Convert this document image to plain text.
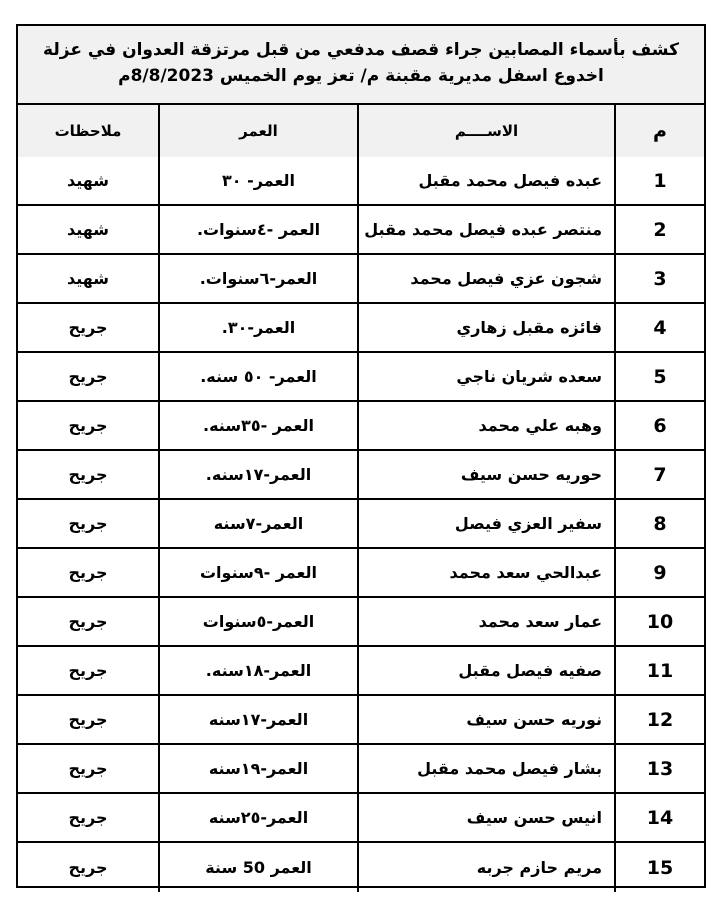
كشف بأسماء المصابين جراء قصف مدفعي من قبل مرتزقة العدوان في عزلة
اخدوع اسفل مديرية مقبنة م/ تعز يوم الخميس 8/8/2023م
ملاحظات	العمر	الاســــم	م
شهيد	العمر- ٣٠	عبده فيصل محمد مقبل	1
شهيد	العمر -٤سنوات.	منتصر عبده فيصل محمد مقبل	2
شهيد	العمر-٦سنوات.	شجون عزي فيصل محمد	3
جريح	العمر-٣٠.	فائزه مقبل زهاري	4
جريح	العمر- ٥٠ سنه.	سعده شريان ناجي	5
جريح	العمر -٣٥سنه.	وهبه علي محمد	6
جريح	العمر-١٧سنه.	حوريه حسن سيف	7
جريح	العمر-٧سنه	سفير العزي فيصل	8
جريح	العمر -٩سنوات	عبدالحي سعد محمد	9
جريح	العمر-٥سنوات	عمار سعد محمد	10
جريح	العمر-١٨سنه.	صفيه فيصل مقبل	11
جريح	العمر-١٧سنه	نوريه حسن سيف	12
جريح	العمر-١٩سنه	بشار فيصل محمد مقبل	13
جريح	العمر-٢٥سنه	انيس حسن سيف	14
جريح	العمر 50 سنة	مريم حازم جربه	15
